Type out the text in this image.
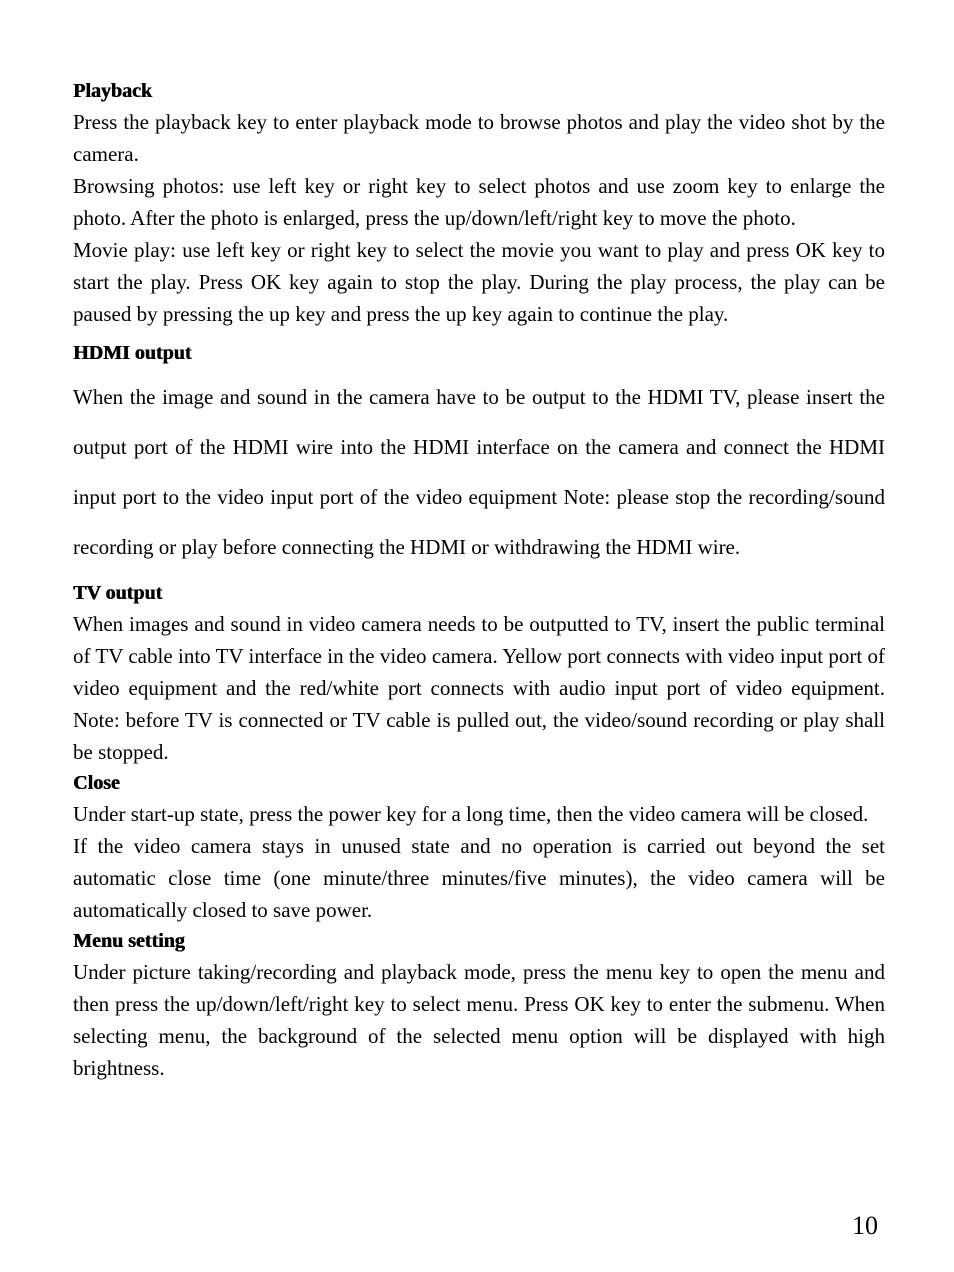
Playback

Press the playback key to enter playback mode to browse photos and play the video shot by the camera.

Browsing photos: use left key or right key to select photos and use zoom key to enlarge the photo. After the photo is enlarged, press the up/down/left/right key to move the photo.

Movie play: use left key or right key to select the movie you want to play and press OK key to start the play. Press OK key again to stop the play. During the play process, the play can be paused by pressing the up key and press the up key again to continue the play.

HDMI output

When the image and sound in the camera have to be output to the HDMI TV, please insert the output port of the HDMI wire into the HDMI interface on the camera and connect the HDMI input port to the video input port of the video equipment Note: please stop the recording/sound recording or play before connecting the HDMI or withdrawing the HDMI wire.

TV output

When images and sound in video camera needs to be outputted to TV, insert the public terminal of TV cable into TV interface in the video camera. Yellow port connects with video input port of video equipment and the red/white port connects with audio input port of video equipment. Note: before TV is connected or TV cable is pulled out, the video/sound recording or play shall be stopped.

Close

Under start-up state, press the power key for a long time, then the video camera will be closed.

If the video camera stays in unused state and no operation is carried out beyond the set automatic close time (one minute/three minutes/five minutes), the video camera will be automatically closed to save power.

Menu setting

Under picture taking/recording and playback mode, press the menu key to open the menu and then press the up/down/left/right key to select menu. Press OK key to enter the submenu. When selecting menu, the background of the selected menu option will be displayed with high brightness.

10
